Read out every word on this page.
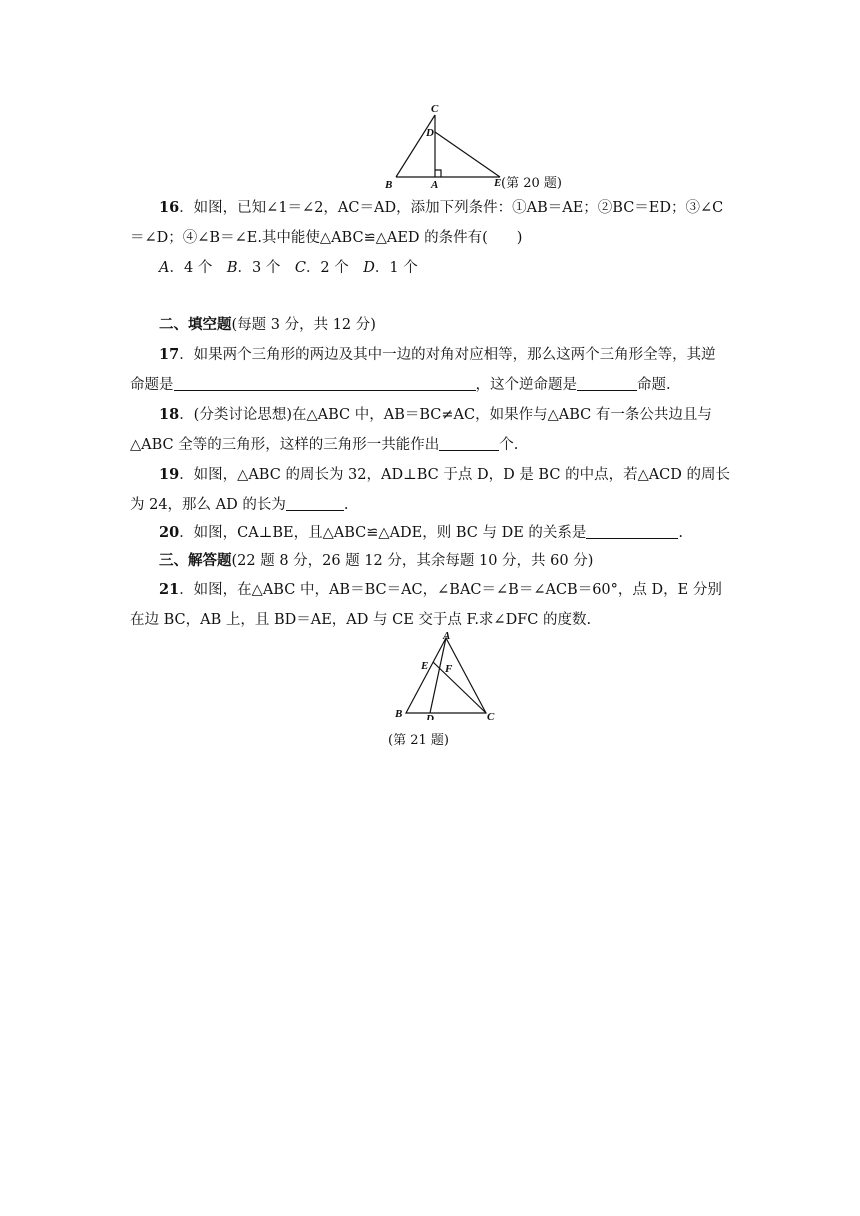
C
D
B	A	E (第 20 题)
16．如图，已知∠1＝∠2，AC＝AD，添加下列条件：①AB＝AE；②BC＝ED；③∠C
＝∠D；④∠B＝∠E.其中能使△ABC≌△AED 的条件有(　　)
A．4 个　B．3 个　C．2 个　D．1 个
二、填空题(每题 3 分，共 12 分)
17．如果两个三角形的两边及其中一边的对角对应相等，那么这两个三角形全等，其逆
命题是	，这个逆命题是	命题.
18．(分类讨论思想)在△ABC 中，AB＝BC≠AC，如果作与△ABC 有一条公共边且与
△ABC 全等的三角形，这样的三角形一共能作出	个.
19．如图，△ABC 的周长为 32，AD⊥BC 于点 D，D 是 BC 的中点，若△ACD 的周长
为 24，那么 AD 的长为	.
20．如图，CA⊥BE，且△ABC≌△ADE，则 BC 与 DE 的关系是	.
三、解答题(22 题 8 分，26 题 12 分，其余每题 10 分，共 60 分)
21．如图，在△ABC 中，AB＝BC＝AC，∠BAC＝∠B＝∠ACB＝60°，点 D，E 分别
在边 BC，AB 上，且 BD＝AE，AD 与 CE 交于点 F.求∠DFC 的度数.
A
E F
B D	C
(第 21 题)
